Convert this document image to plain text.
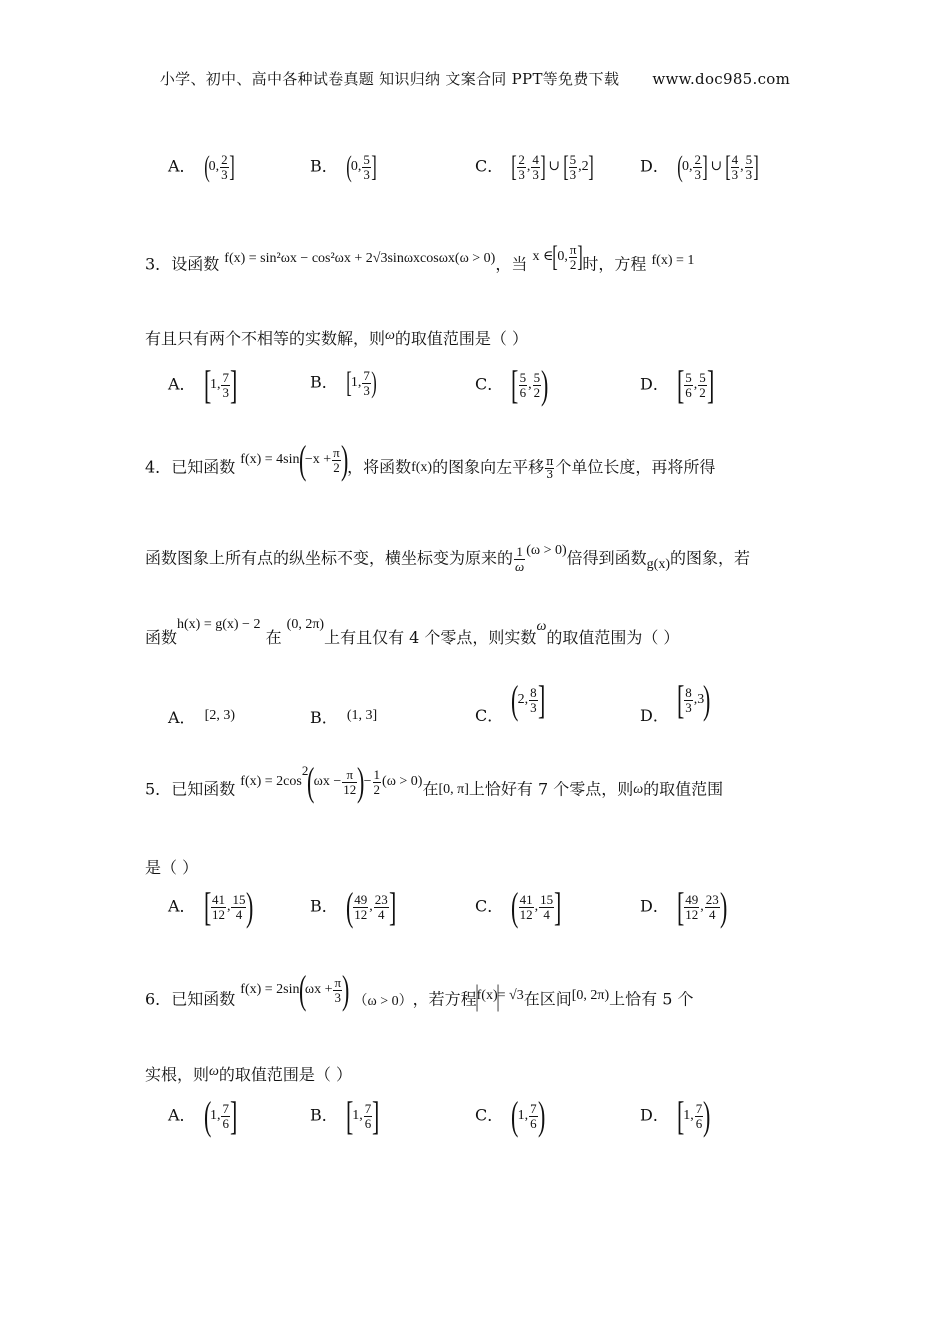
小学、初中、高中各种试卷真题 知识归纳 文案合同 PPT等免费下载 www.doc985.com
A． (0, $\frac{2}{3}$ ]	B． (0, $\frac{5}{3}$ ]	C． [ $\frac{2}{3}$ , $\frac{4}{3}$ ] ∪ [ $\frac{5}{3} ,2$]	D． (0, $\frac{2}{3}$ ] ∪ [ $\frac{4}{3}$ , $\frac{5}{3}$ ]
3．设函数 f(x) = sin²ωx − cos²ωx + 2√3sinωxcosωx(ω > 0)，当 x ∈[0, $\frac{\pi}{2}$ ]时，方程 f(x) = 1
有且只有两个不相等的实数解，则ω的取值范围是（ ）
A． [1, $\frac{7}{3}$ ]	B． [1, $\frac{7}{3}$ )	C． [ $\frac{5}{6}$ , $\frac{5}{2}$ )	D． [ $\frac{5}{6}$ , $\frac{5}{2}$ ]
4．已知函数 $f(x) = 4\sin(-x + \frac{\pi}{2}$ )，将函数f(x)的图象向左平移 $\frac{\pi}{3}$ 个单位长度，再将所得
函数图象上所有点的纵坐标不变，横坐标变为原来的 $\frac{1}{\omega} (\omega > 0)$倍得到函数g(x)的图象，若
函数h(x) = g(x) − 2 在 (0, 2π)上有且仅有 4 个零点，则实数ω的取值范围为（ ）
A． [2, 3)	B． (1, 3]	C． (2, $\frac{8}{3}$ ]	D． [ $\frac{8}{3} ,3$)
5．已知函数 $f(x) = 2\cos 2(\omega x - \frac{\pi}{12}$ )− $\frac{1}{2} (\omega > 0)$在[0, π]上恰好有 7 个零点，则ω的取值范围
是（ ）
A． [ $\frac{41}{12}$ , $\frac{15}{4}$ )	B． ( $\frac{49}{12}$ , $\frac{23}{4}$ ]	C． ( $\frac{41}{12}$ , $\frac{15}{4}$ ]	D． [ $\frac{49}{12}$ , $\frac{23}{4}$ )
6．已知函数 $f(x) = 2\sin(\omega x + \frac{\pi}{3}$ ) （ω > 0），若方程|f(x)|= √3在区间[0, 2π)上恰有 5 个
实根，则ω的取值范围是（ ）
A． (1, $\frac{7}{6}$ ]	B． [1, $\frac{7}{6}$ ]	C． (1, $\frac{7}{6}$ )	D． [1, $\frac{7}{6}$ )
